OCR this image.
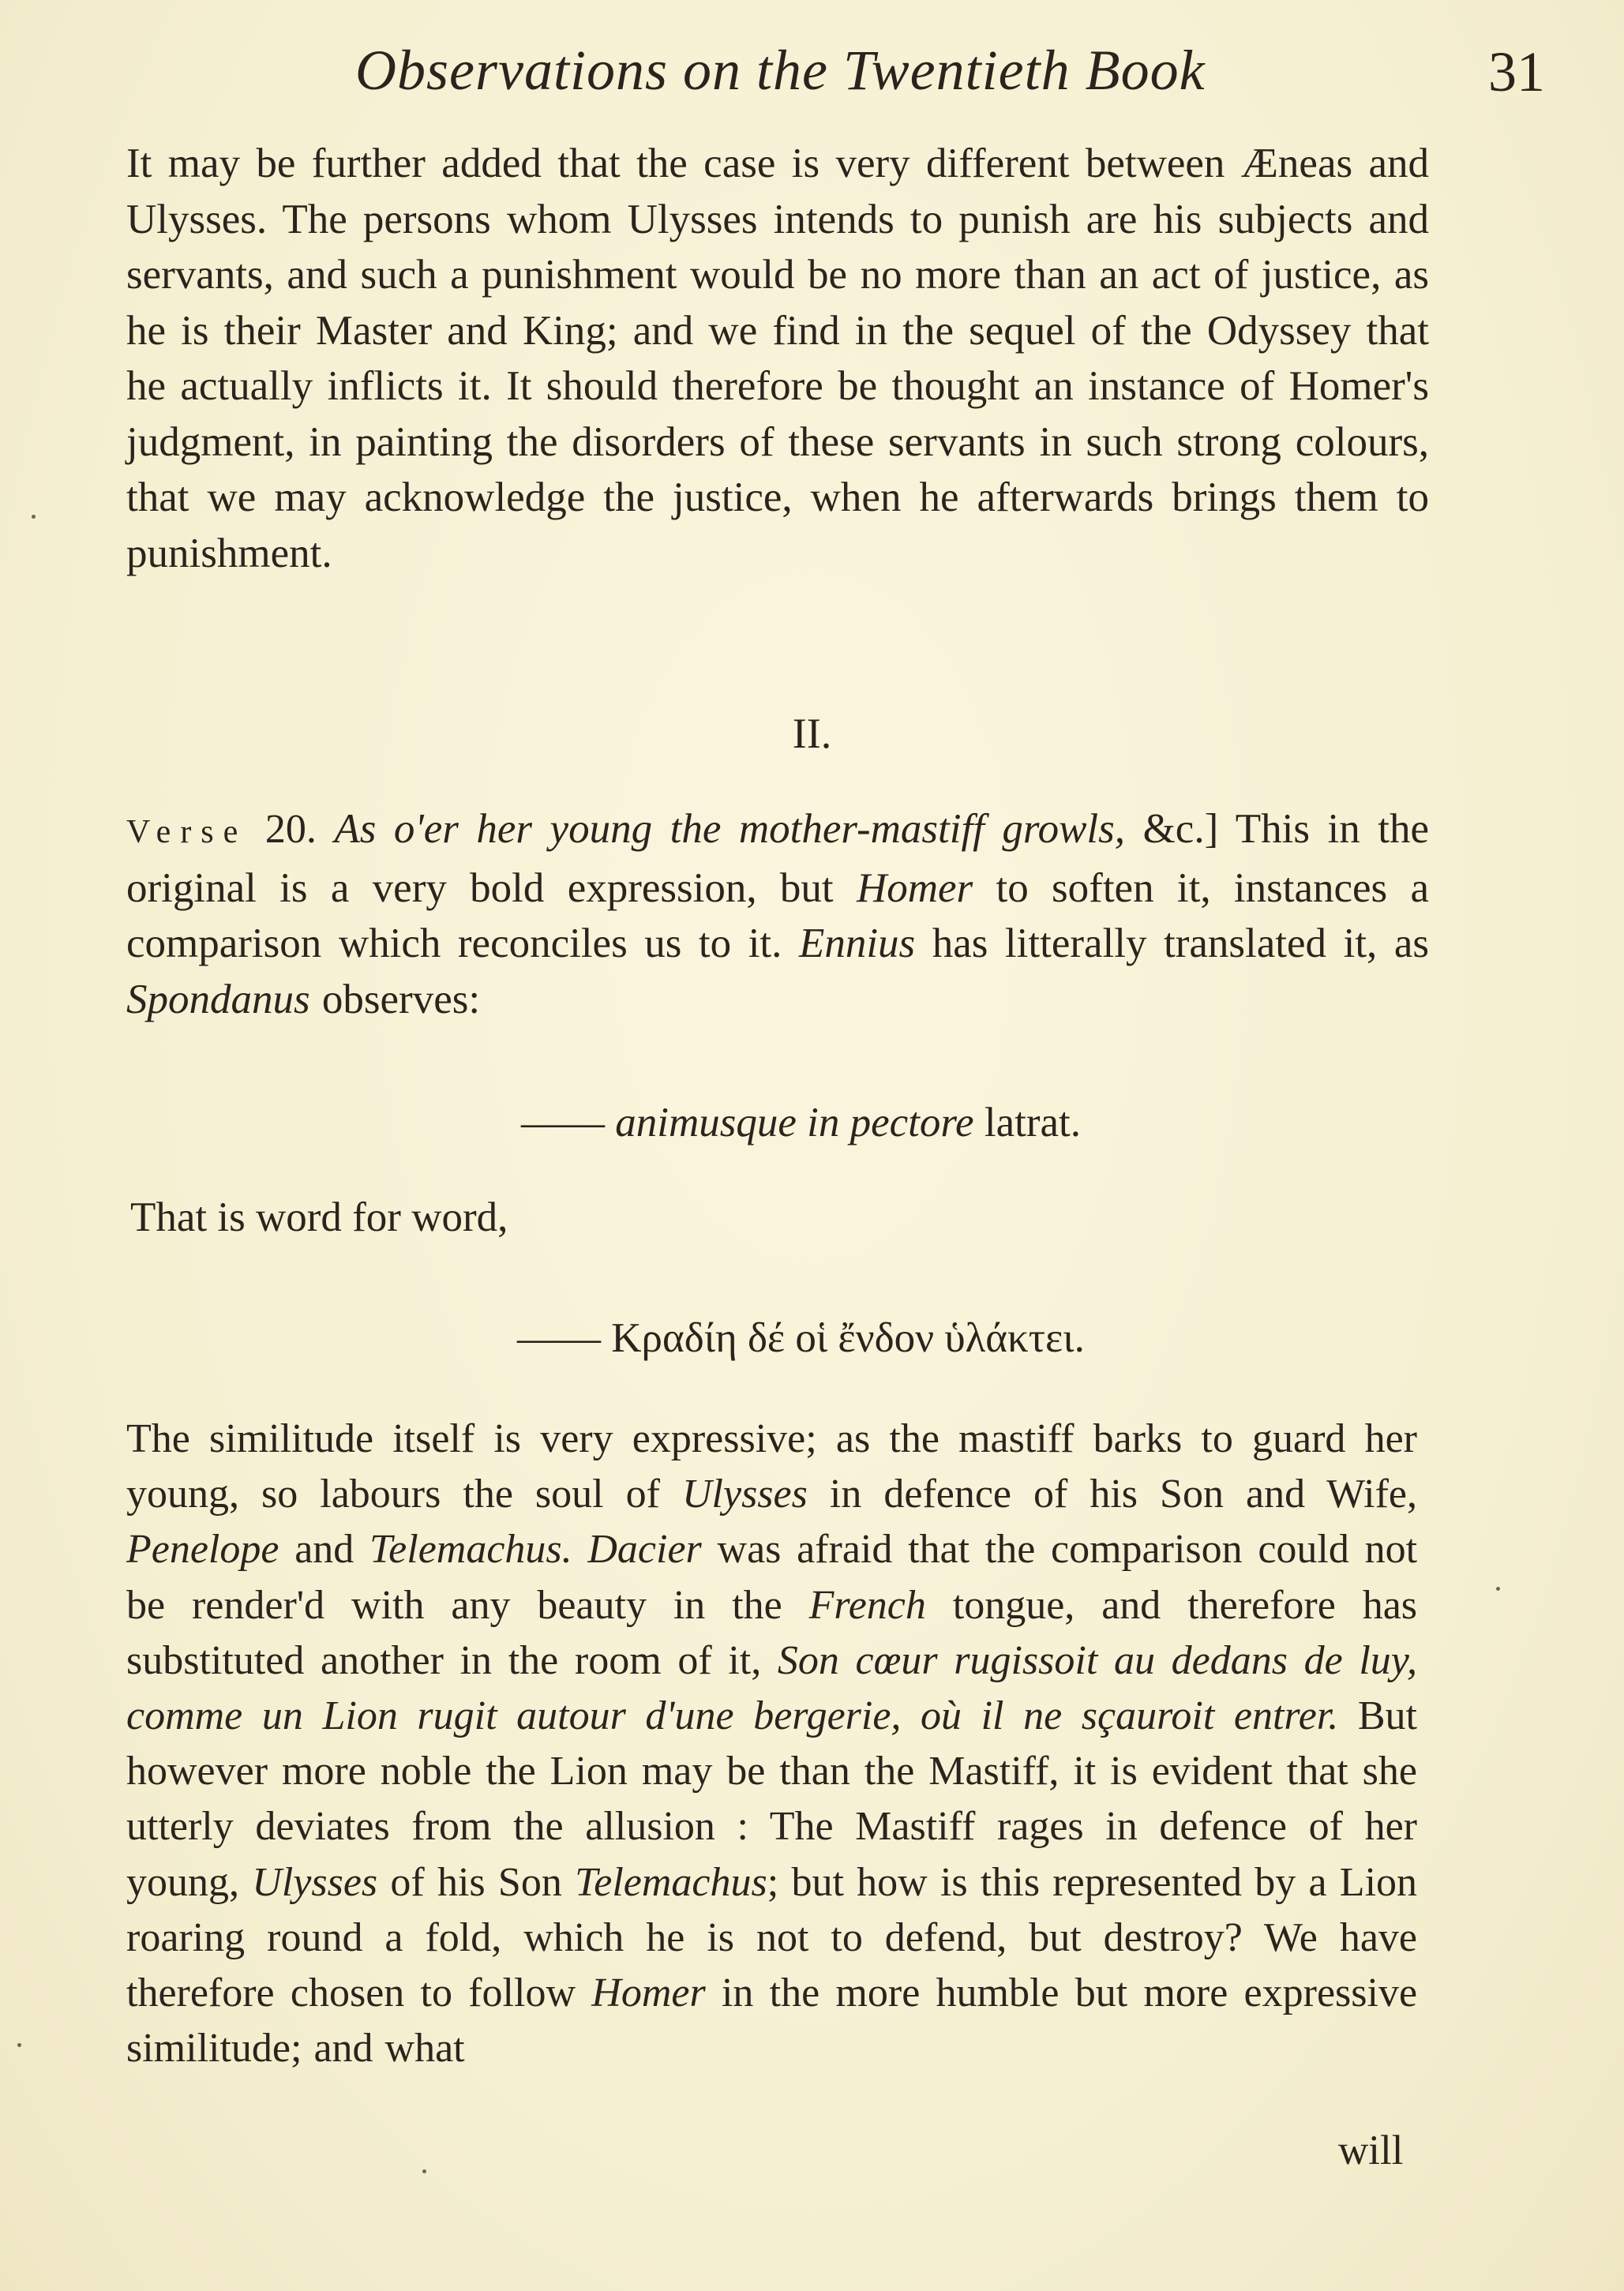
Observations on the Twentieth Book	31

It may be further added that the case is very different between Æneas and Ulysses. The persons whom Ulysses intends to punish are his subjects and servants, and such a punishment would be no more than an act of justice, as he is their Master and King; and we find in the sequel of the Odyssey that he actually inflicts it. It should therefore be thought an instance of Homer's judgment, in painting the disorders of these servants in such strong colours, that we may acknowledge the justice, when he afterwards brings them to punishment.

II.

Verse 20. As o'er her young the mother-mastiff growls, &c.] This in the original is a very bold expression, but Homer to soften it, instances a comparison which reconciles us to it. Ennius has litterally translated it, as Spondanus observes:

—— animusque in pectore latrat.
That is word for word,
—— Κραδίη δέ οἱ ἔνδον ὑλάκτει.

The similitude itself is very expressive; as the mastiff barks to guard her young, so labours the soul of Ulysses in defence of his Son and Wife, Penelope and Telemachus. Dacier was afraid that the comparison could not be render'd with any beauty in the French tongue, and therefore has substituted another in the room of it, Son cœur rugissoit au dedans de luy, comme un Lion rugit autour d'une bergerie, où il ne sçauroit entrer. But however more noble the Lion may be than the Mastiff, it is evident that she utterly deviates from the allusion : The Mastiff rages in defence of her young, Ulysses of his Son Telemachus; but how is this represented by a Lion roaring round a fold, which he is not to defend, but destroy? We have therefore chosen to follow Homer in the more humble but more expressive similitude; and what

will
